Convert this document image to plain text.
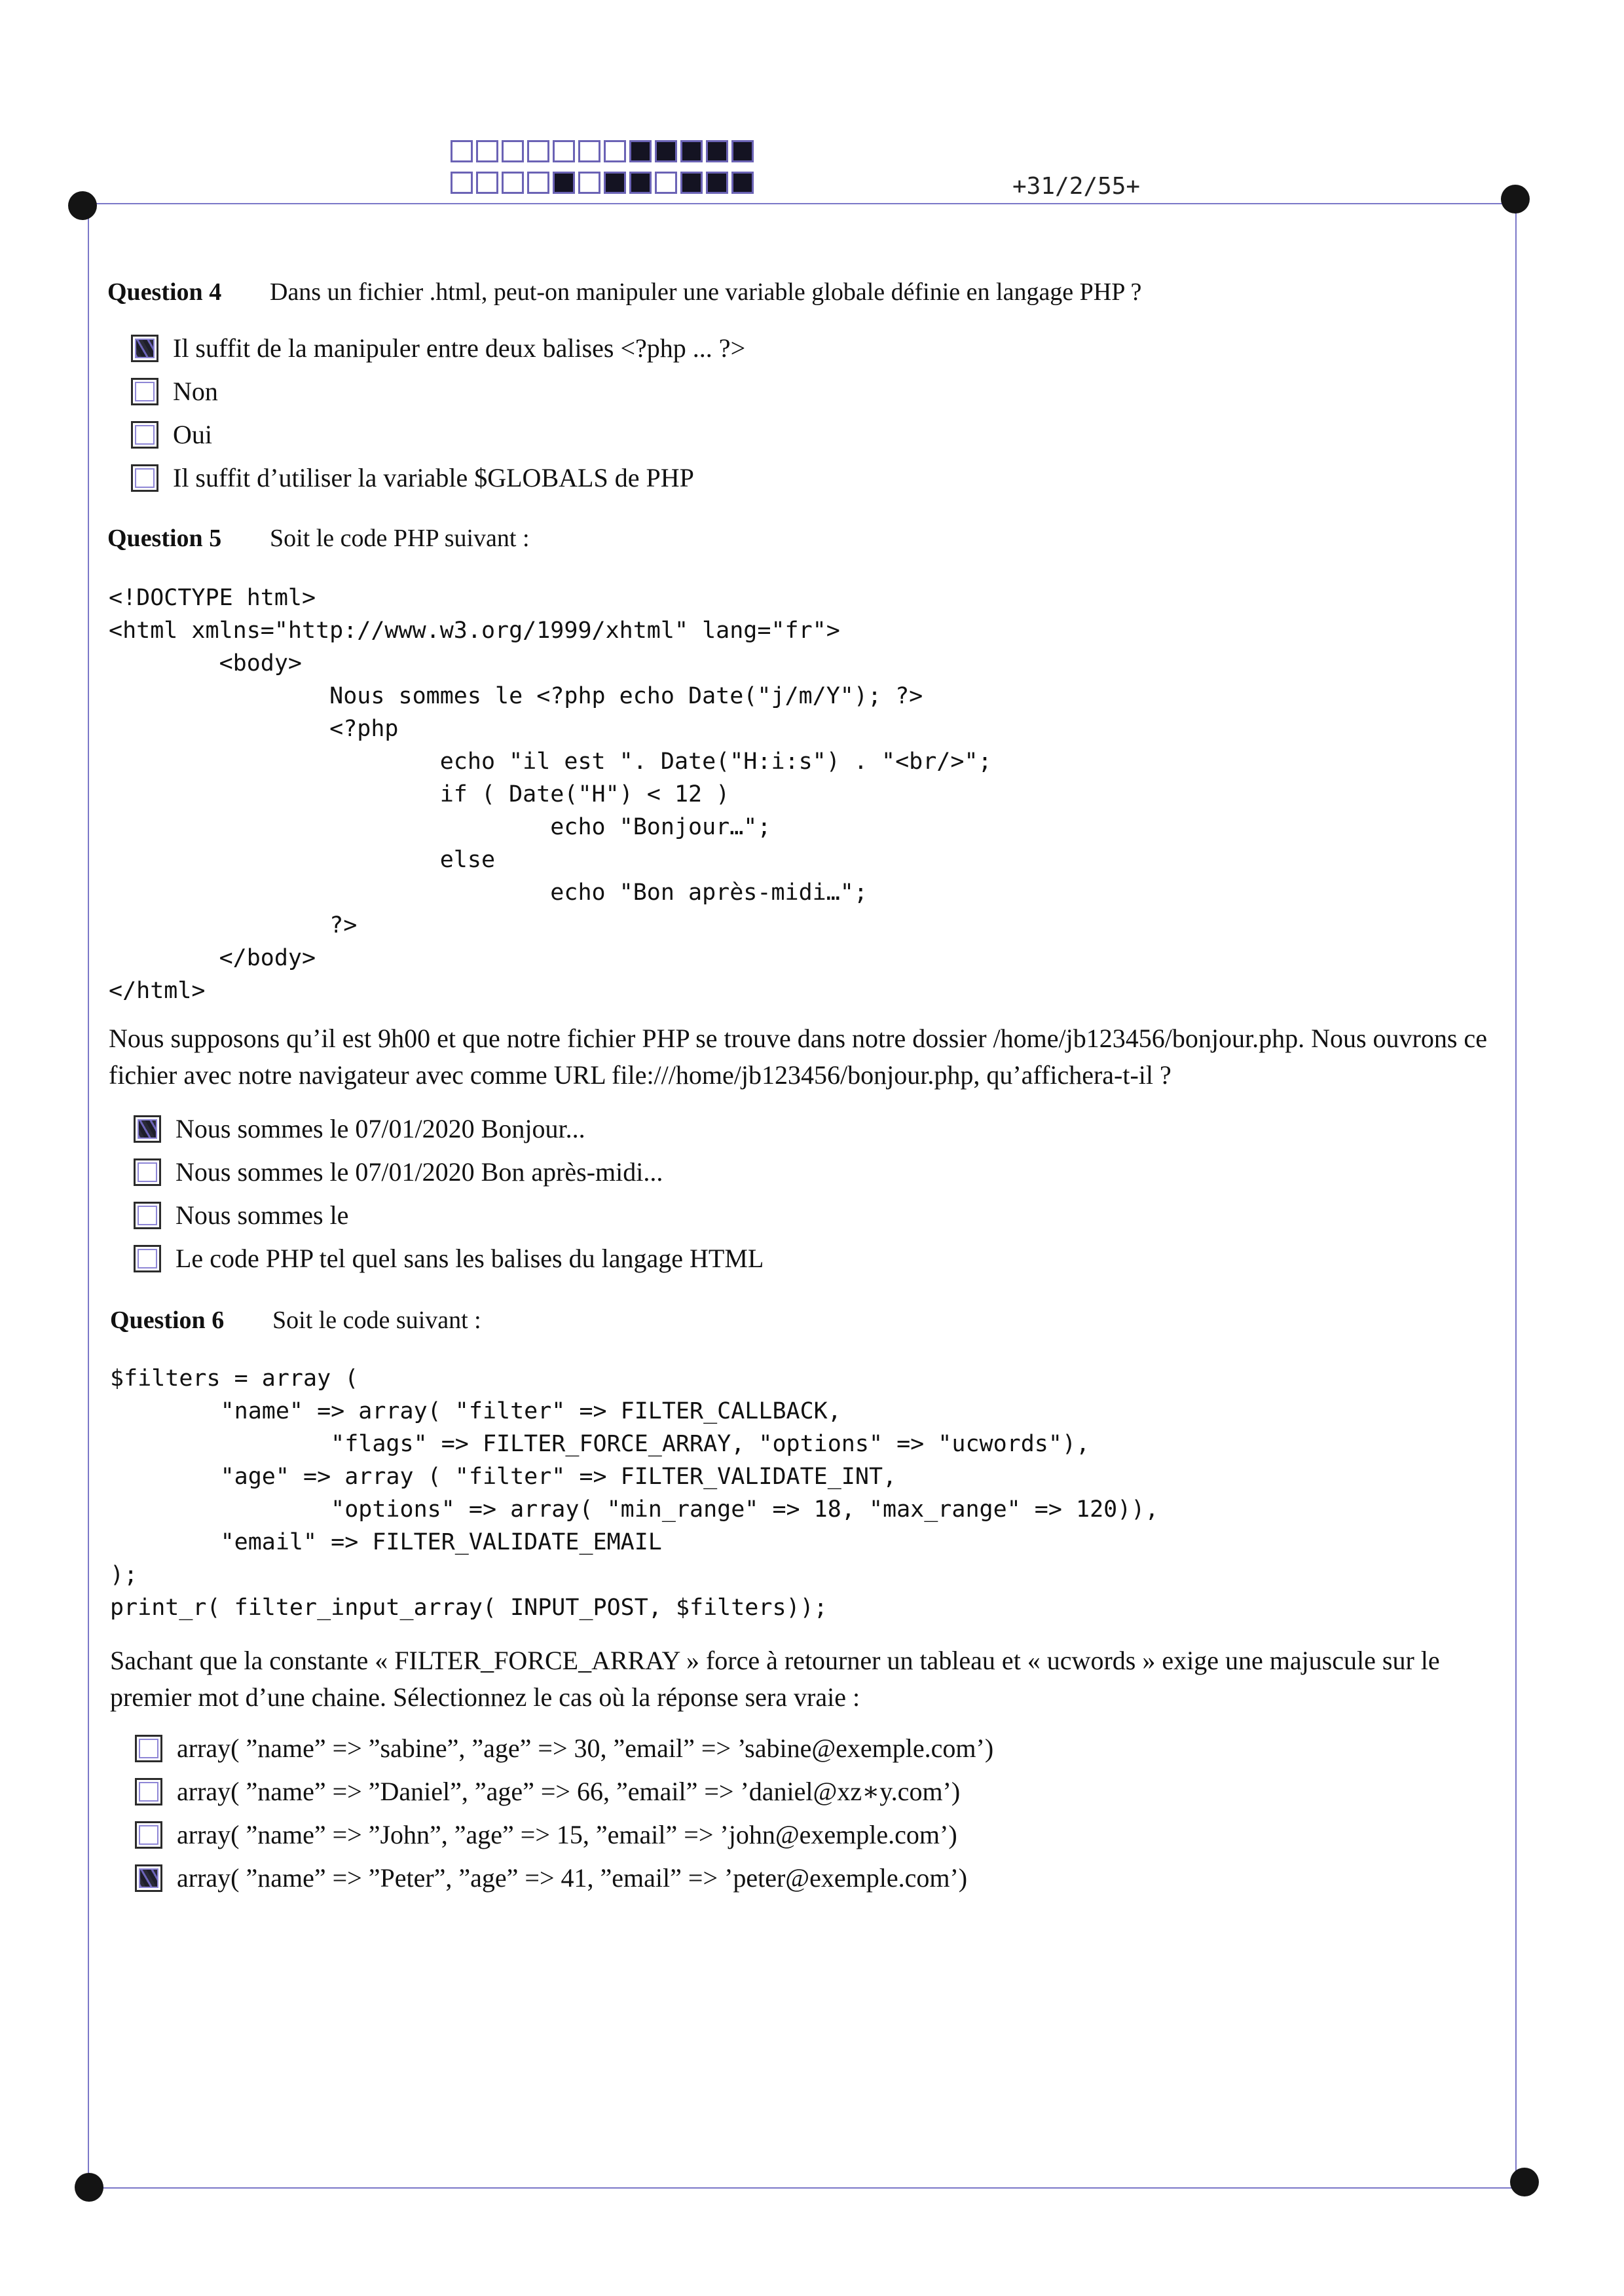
+31/2/55+
Question 4 Dans un fichier .html, peut-on manipuler une variable globale définie en langage PHP ?
Il suffit de la manipuler entre deux balises <?php ... ?>
Non
Oui
Il suffit d’utiliser la variable $GLOBALS de PHP
Question 5 Soit le code PHP suivant :
<!DOCTYPE html>
<html xmlns="http://www.w3.org/1999/xhtml" lang="fr">
<body>
Nous sommes le <?php echo Date("j/m/Y"); ?>
<?php
echo "il est ". Date("H:i:s") . "<br/>";
if ( Date("H") < 12 )
echo "Bonjour…";
else
echo "Bon après-midi…";
?>
</body>
</html>
Nous supposons qu’il est 9h00 et que notre fichier PHP se trouve dans notre dossier /home/jb123456/bonjour.php. Nous ouvrons ce fichier avec notre navigateur avec comme URL file:///home/jb123456/bonjour.php, qu’affichera-t-il ?
Nous sommes le 07/01/2020 Bonjour...
Nous sommes le 07/01/2020 Bon après-midi...
Nous sommes le
Le code PHP tel quel sans les balises du langage HTML
Question 6 Soit le code suivant :
$filters = array (
"name" => array( "filter" => FILTER_CALLBACK,
"flags" => FILTER_FORCE_ARRAY, "options" => "ucwords"),
"age" => array ( "filter" => FILTER_VALIDATE_INT,
"options" => array( "min_range" => 18, "max_range" => 120)),
"email" => FILTER_VALIDATE_EMAIL
);
print_r( filter_input_array( INPUT_POST, $filters));
Sachant que la constante « FILTER_FORCE_ARRAY » force à retourner un tableau et « ucwords » exige une majuscule sur le premier mot d’une chaine. Sélectionnez le cas où la réponse sera vraie :
array( ”name” => ”sabine”, ”age” => 30, ”email” => ’sabine@exemple.com’)
array( ”name” => ”Daniel”, ”age” => 66, ”email” => ’daniel@xz∗y.com’)
array( ”name” => ”John”, ”age” => 15, ”email” => ’john@exemple.com’)
array( ”name” => ”Peter”, ”age” => 41, ”email” => ’peter@exemple.com’)
